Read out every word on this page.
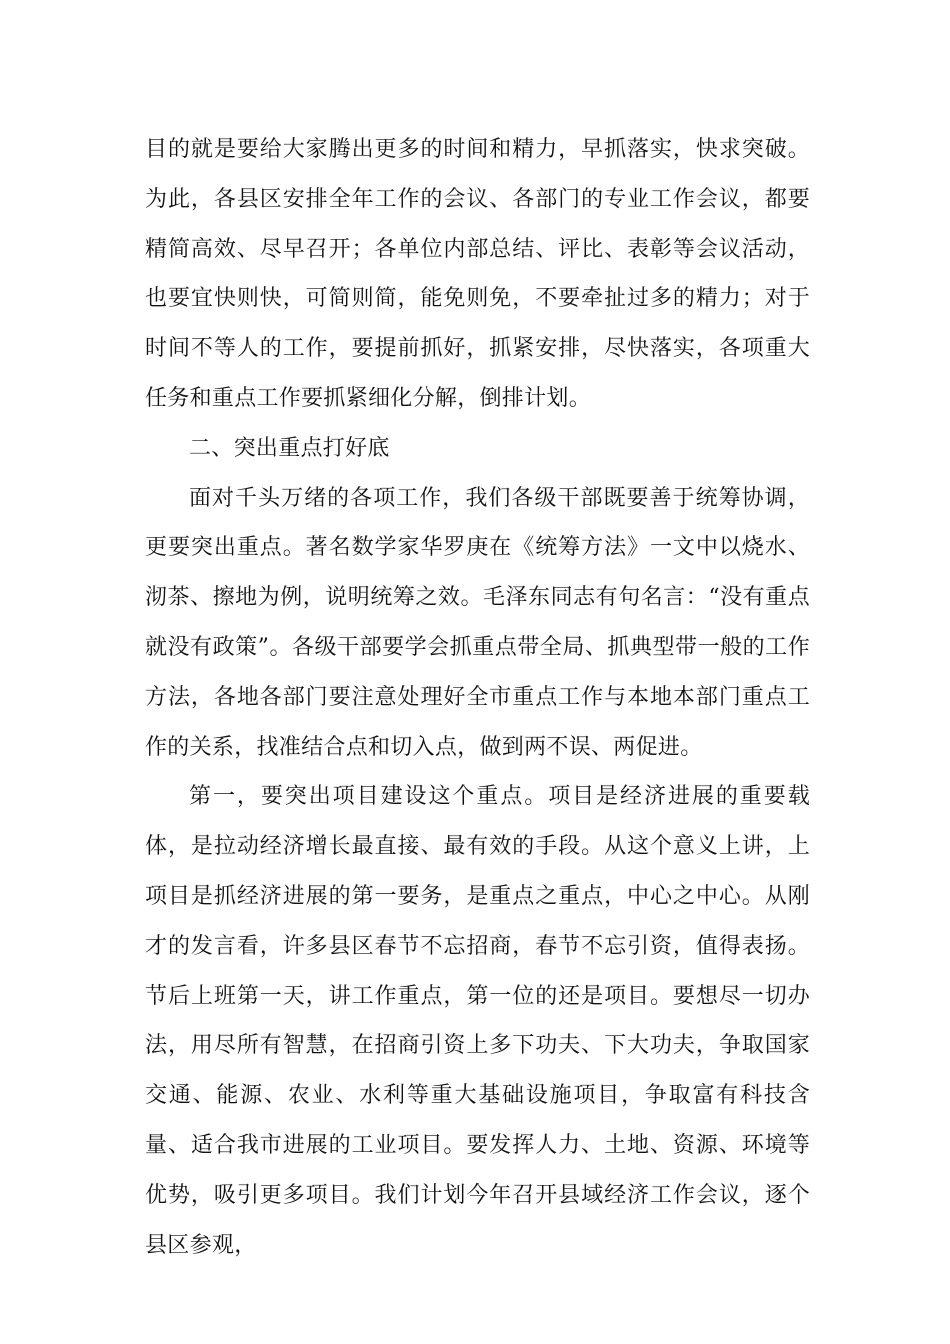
目的就是要给大家腾出更多的时间和精力，早抓落实，快求突破。为此，各县区安排全年工作的会议、各部门的专业工作会议，都要精简高效、尽早召开；各单位内部总结、评比、表彰等会议活动，也要宜快则快，可简则简，能免则免，不要牵扯过多的精力；对于时间不等人的工作，要提前抓好，抓紧安排，尽快落实，各项重大任务和重点工作要抓紧细化分解，倒排计划。

二、突出重点打好底

面对千头万绪的各项工作，我们各级干部既要善于统筹协调，更要突出重点。著名数学家华罗庚在《统筹方法》一文中以烧水、沏茶、擦地为例，说明统筹之效。毛泽东同志有句名言：“没有重点就没有政策”。各级干部要学会抓重点带全局、抓典型带一般的工作方法，各地各部门要注意处理好全市重点工作与本地本部门重点工作的关系，找准结合点和切入点，做到两不误、两促进。

第一，要突出项目建设这个重点。项目是经济进展的重要载体，是拉动经济增长最直接、最有效的手段。从这个意义上讲，上项目是抓经济进展的第一要务，是重点之重点，中心之中心。从刚才的发言看，许多县区春节不忘招商，春节不忘引资，值得表扬。节后上班第一天，讲工作重点，第一位的还是项目。要想尽一切办法，用尽所有智慧，在招商引资上多下功夫、下大功夫，争取国家交通、能源、农业、水利等重大基础设施项目，争取富有科技含量、适合我市进展的工业项目。要发挥人力、土地、资源、环境等优势，吸引更多项目。我们计划今年召开县域经济工作会议，逐个县区参观，
